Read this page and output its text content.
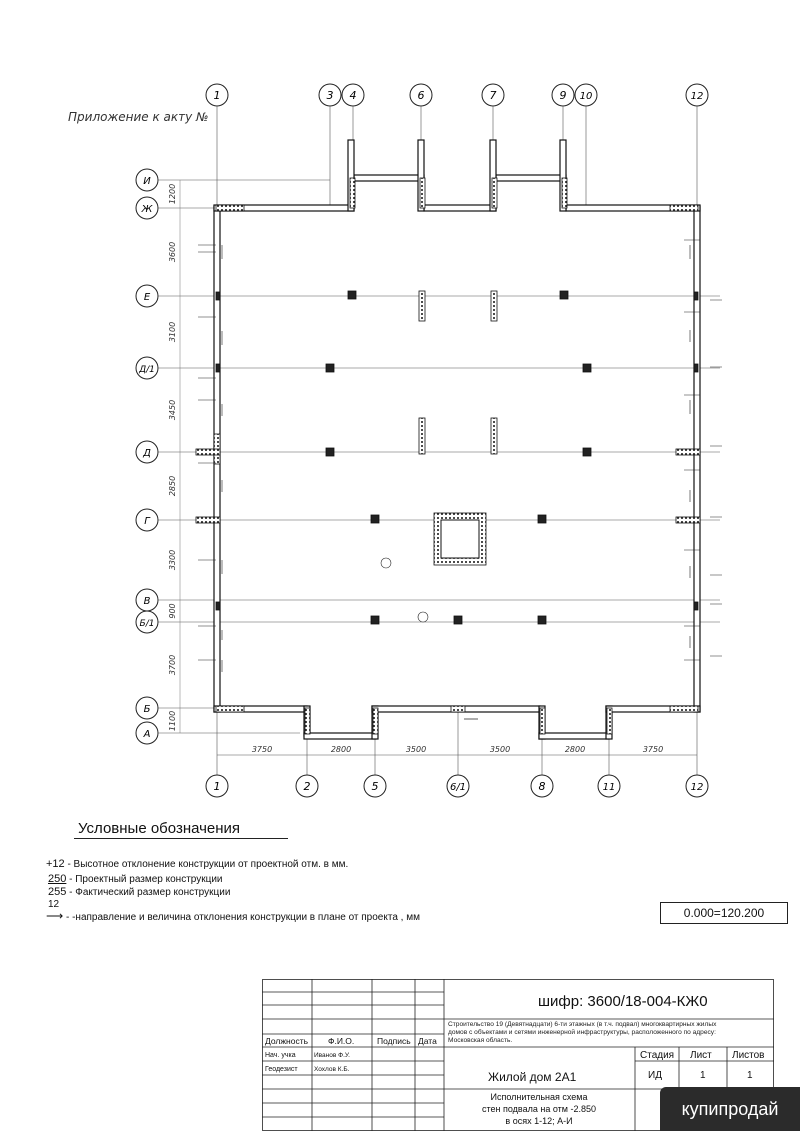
Приложение к акту №
1	3 4	6	7	9 10	12
1	2	5	6/1	8	11	12
И
Ж
Е
Д/1
Д
Г
В
Б/1
Б
А
1200
3600
3100
3450
2850
3300
900
3700
1100
3750	2800	3500	3500	2800	3750
Условные обозначения
+12 - Высотное отклонение конструкции от проектной отм. в мм.
250 - Проектный размер конструкции
255 - Фактический размер конструкции
12
⟶ - -направление и величина отклонения конструкции в плане от проекта , мм	0.000=120.200
шифр: 3600/18-004-КЖ0
Строительство 19 (Девятнадцати) 6-ти этажных (в т.ч. подвал) многоквартирных жилых
домов с объектами и сетями инженерной инфраструктуры, расположенного по адресу:
Московская область.
Должность Ф.И.О.	Подпись Дата
Нач. учка	Иванов Ф.У.
Геодезист	Хохлов К.Б.
Жилой дом 2А1
Стадия Лист Листов
ИД	1	1
Исполнительная схема
стен подвала на отм -2.850
в осях 1-12; А-И
купипродай
